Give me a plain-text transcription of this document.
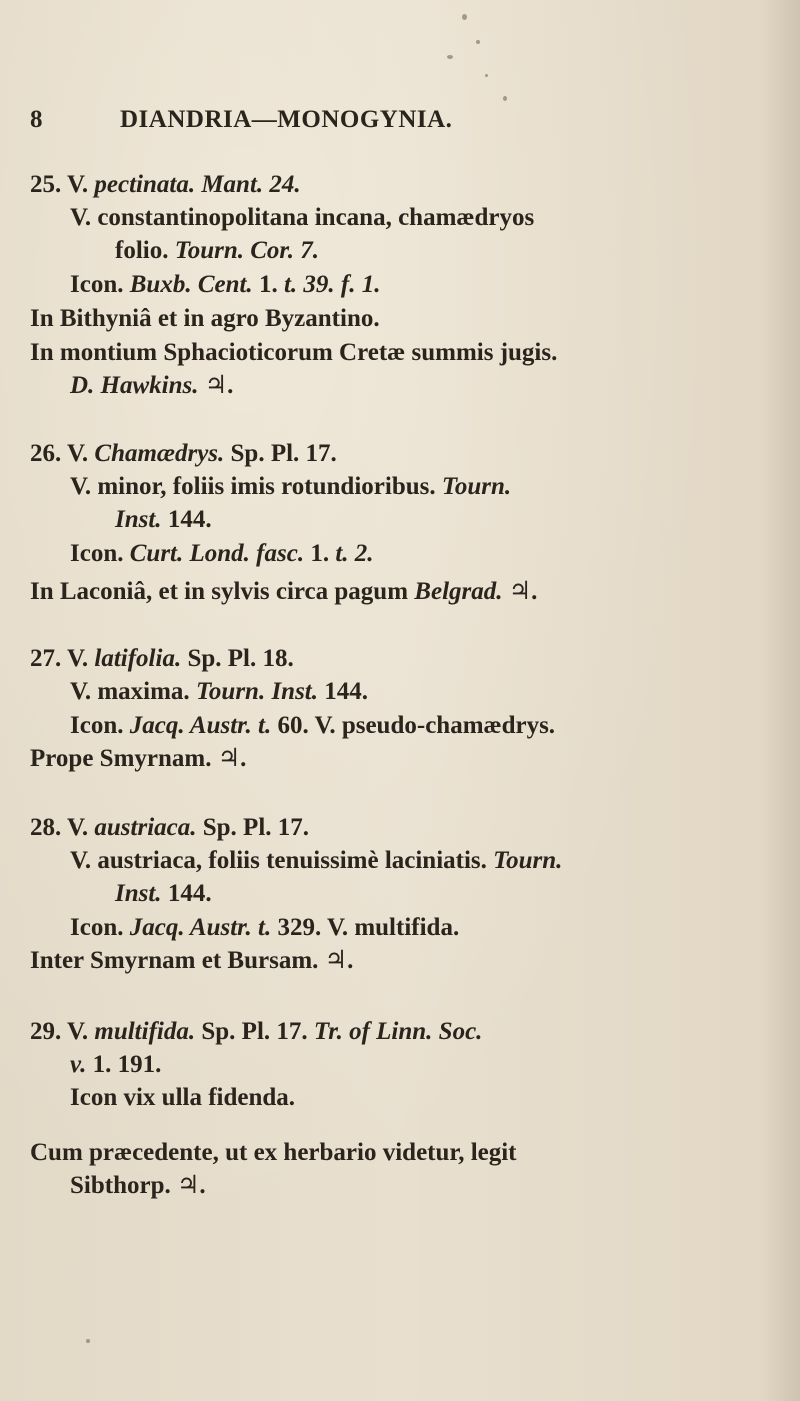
8	DIANDRIA—MONOGYNIA.
25. V. pectinata. Mant. 24.
V. constantinopolitana incana, chamædryos
folio. Tourn. Cor. 7.
Icon. Buxb. Cent. 1. t. 39. f. 1.
In Bithyniâ et in agro Byzantino.
In montium Sphacioticorum Cretæ summis jugis.
D. Hawkins. ♃.
26. V. Chamædrys. Sp. Pl. 17.
V. minor, foliis imis rotundioribus. Tourn.
Inst. 144.
Icon. Curt. Lond. fasc. 1. t. 2.
In Laconiâ, et in sylvis circa pagum Belgrad. ♃.
27. V. latifolia. Sp. Pl. 18.
V. maxima. Tourn. Inst. 144.
Icon. Jacq. Austr. t. 60. V. pseudo-chamædrys.
Prope Smyrnam. ♃.
28. V. austriaca. Sp. Pl. 17.
V. austriaca, foliis tenuissimè laciniatis. Tourn.
Inst. 144.
Icon. Jacq. Austr. t. 329. V. multifida.
Inter Smyrnam et Bursam. ♃.
29. V. multifida. Sp. Pl. 17. Tr. of Linn. Soc.
v. 1. 191.
Icon vix ulla fidenda.
Cum præcedente, ut ex herbario videtur, legit
Sibthorp. ♃.
